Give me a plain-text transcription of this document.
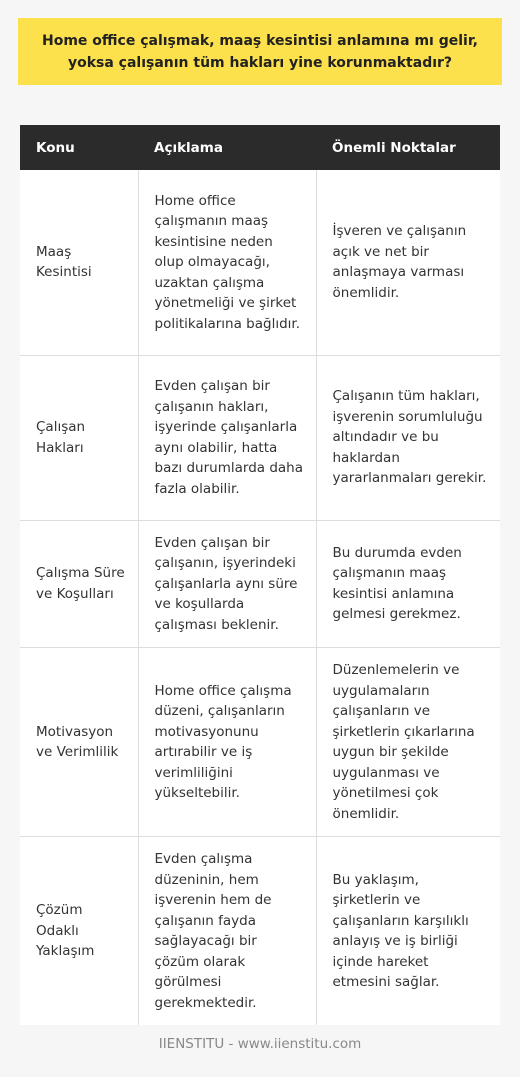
Home office çalışmak, maaş kesintisi anlamına mı gelir, yoksa çalışanın tüm hakları yine korunmaktadır?
Konu	Açıklama	Önemli Noktalar
Maaş Kesintisi	Home office çalışmanın maaş kesintisine neden olup olmayacağı, uzaktan çalışma yönetmeliği ve şirket politikalarına bağlıdır.	İşveren ve çalışanın açık ve net bir anlaşmaya varması önemlidir.
Çalışan Hakları	Evden çalışan bir çalışanın hakları, işyerinde çalışanlarla aynı olabilir, hatta bazı durumlarda daha fazla olabilir.	Çalışanın tüm hakları, işverenin sorumluluğu altındadır ve bu haklardan yararlanmaları gerekir.
Çalışma Süre ve Koşulları	Evden çalışan bir çalışanın, işyerindeki çalışanlarla aynı süre ve koşullarda çalışması beklenir.	Bu durumda evden çalışmanın maaş kesintisi anlamına gelmesi gerekmez.
Motivasyon ve Verimlilik	Home office çalışma düzeni, çalışanların motivasyonunu artırabilir ve iş verimliliğini yükseltebilir.	Düzenlemelerin ve uygulamaların çalışanların ve şirketlerin çıkarlarına uygun bir şekilde uygulanması ve yönetilmesi çok önemlidir.
Çözüm Odaklı Yaklaşım	Evden çalışma düzeninin, hem işverenin hem de çalışanın fayda sağlayacağı bir çözüm olarak görülmesi gerekmektedir.	Bu yaklaşım, şirketlerin ve çalışanların karşılıklı anlayış ve iş birliği içinde hareket etmesini sağlar.
IIENSTITU - www.iienstitu.com
